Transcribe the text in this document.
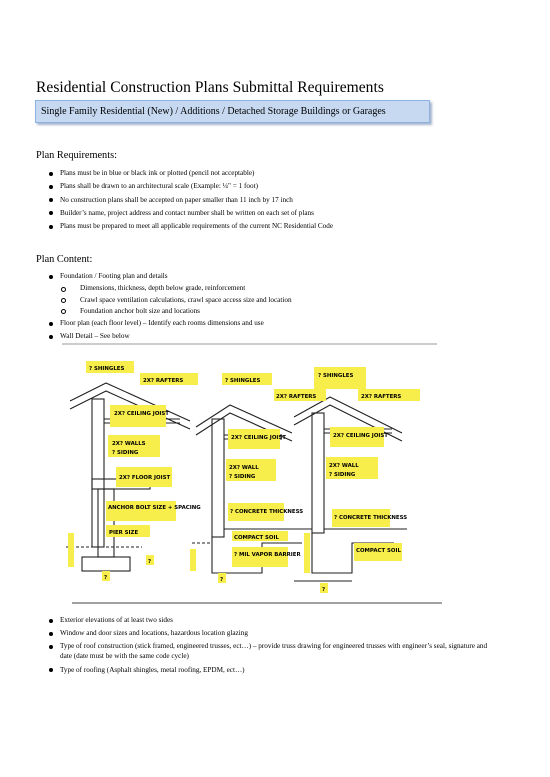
Residential Construction Plans Submittal Requirements
Single Family Residential (New) / Additions / Detached Storage Buildings or Garages
Plan Requirements:
Plans must be in blue or black ink or plotted (pencil not acceptable)
Plans shall be drawn to an architectural scale (Example: ¼" = 1 foot)
No construction plans shall be accepted on paper smaller than 11 inch by 17 inch
Builder’s name, project address and contact number shall be written on each set of plans
Plans must be prepared to meet all applicable requirements of the current NC Residential Code
Plan Content:
Foundation / Footing plan and details
Dimensions, thickness, depth below grade, reinforcement
Crawl space ventilation calculations, crawl space access size and location
Foundation anchor bolt size and locations
Floor plan (each floor level) – Identify each rooms dimensions and use
Wall Detail – See below
? SHINGLES
2X? RAFTERS
2X? CEILING JOIST
2X? WALLS
? SIDING
2X? FLOOR JOIST
ANCHOR BOLT SIZE + SPACING
PIER SIZE
?
?
? SHINGLES
2X? RAFTERS
2X? CEILING JOIST
2X? WALL
? SIDING
? CONCRETE THICKNESS
COMPACT SOIL
? MIL VAPOR BARRIER
?
? SHINGLES
2X? RAFTERS
2X? CEILING JOIST
2X? WALL
? SIDING
? CONCRETE THICKNESS
COMPACT SOIL
?
Exterior elevations of at least two sides
Window and door sizes and locations, hazardous location glazing
Type of roof construction (stick framed, engineered trusses, ect…) – provide truss drawing for engineered trusses with engineer’s seal, signature and date (date must be with the same code cycle)
Type of roofing (Asphalt shingles, metal roofing, EPDM, ect…)
